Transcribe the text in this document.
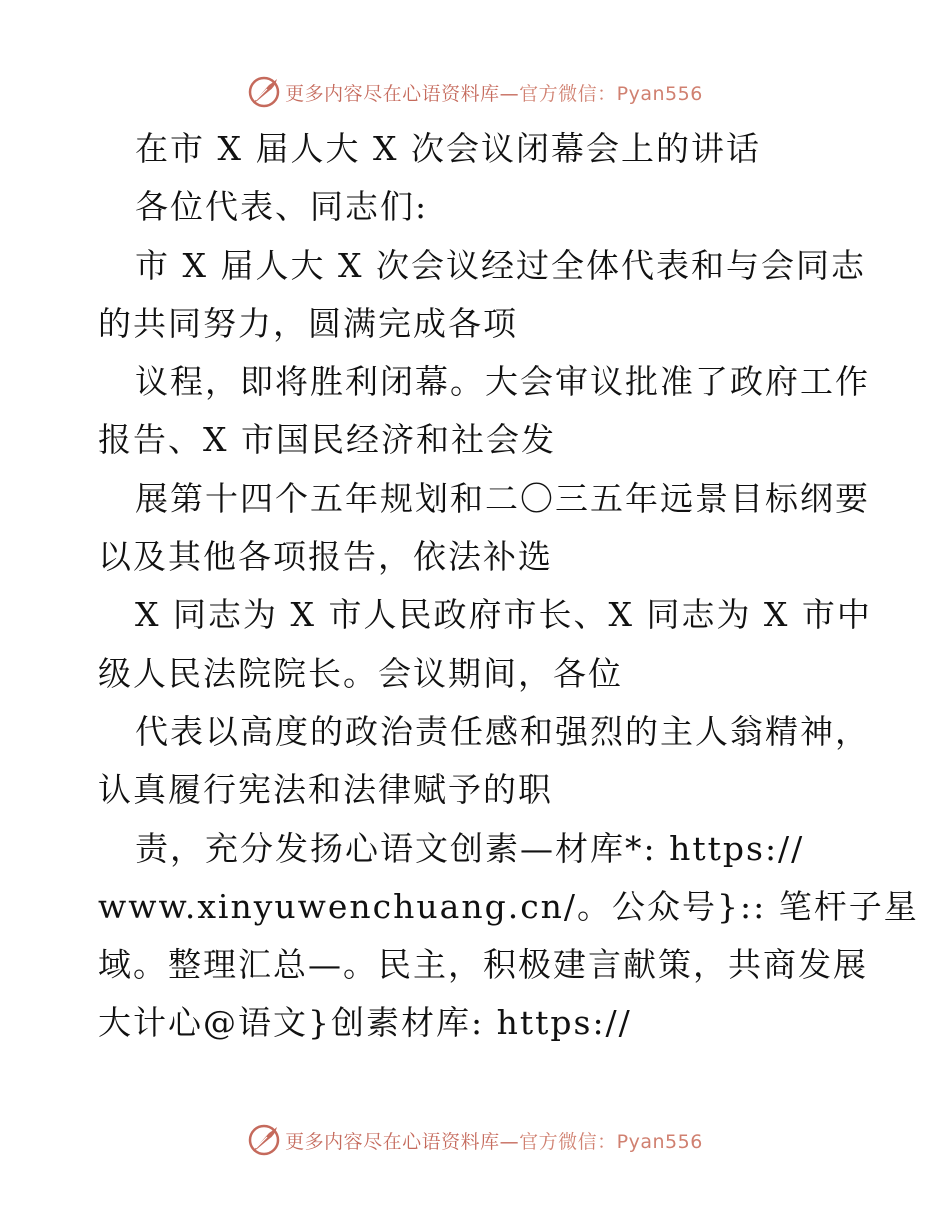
更多内容尽在心语资料库—官方微信：Pyan556
在市 X 届人大 X 次会议闭幕会上的讲话
各位代表、同志们:
市 X 届人大 X 次会议经过全体代表和与会同志
的共同努力，圆满完成各项
议程，即将胜利闭幕。大会审议批准了政府工作
报告、X 市国民经济和社会发
展第十四个五年规划和二〇三五年远景目标纲要
以及其他各项报告，依法补选
X 同志为 X 市人民政府市长、X 同志为 X 市中
级人民法院院长。会议期间，各位
代表以高度的政治责任感和强烈的主人翁精神，
认真履行宪法和法律赋予的职
责，充分发扬心语文创素—材库*: https://
www.xinyuwenchuang.cn/。公众号}:: 笔杆子星
域。整理汇总—。民主，积极建言献策，共商发展
大计心@语文}创素材库: https://
更多内容尽在心语资料库—官方微信：Pyan556
